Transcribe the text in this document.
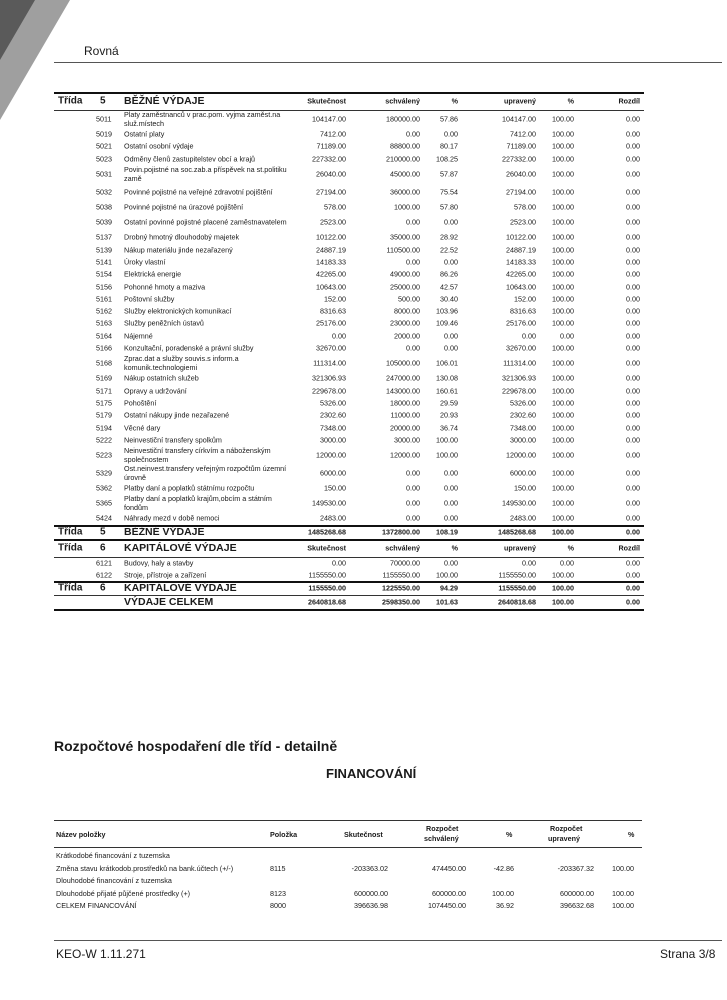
Rovná
Třída 5 BĚŽNÉ VÝDAJE	Skutečnost	schválený	%	upravený	%	Rozdíl
5011 Platy zaměstnanců v prac.pom. vyjma zaměst.na služ.místech	104147.00	180000.00	57.86	104147.00 100.00	0.00
5019 Ostatní platy	7412.00	0.00	0.00	7412.00 100.00	0.00
5021 Ostatní osobní výdaje	71189.00	88800.00	80.17	71189.00 100.00	0.00
5023 Odměny členů zastupitelstev obcí a krajů	227332.00	210000.00 108.25	227332.00 100.00	0.00
5031 Povin.pojistné na soc.zab.a příspěvek na st.politiku zamě	26040.00	45000.00	57.87	26040.00 100.00	0.00
5032 Povinné pojistné na veřejné zdravotní pojištění	27194.00	36000.00	75.54	27194.00 100.00	0.00
5038 Povinné pojistné na úrazové pojištění	578.00	1000.00	57.80	578.00 100.00	0.00
5039 Ostatní povinné pojistné placené zaměstnavatelem	2523.00	0.00	0.00	2523.00 100.00	0.00
5137 Drobný hmotný dlouhodobý majetek	10122.00	35000.00	28.92	10122.00 100.00	0.00
5139 Nákup materiálu jinde nezařazený	24887.19	110500.00	22.52	24887.19 100.00	0.00
5141 Úroky vlastní	14183.33	0.00	0.00	14183.33 100.00	0.00
5154 Elektrická energie	42265.00	49000.00	86.26	42265.00 100.00	0.00
5156 Pohonné hmoty a maziva	10643.00	25000.00	42.57	10643.00 100.00	0.00
5161 Poštovní služby	152.00	500.00	30.40	152.00 100.00	0.00
5162 Služby elektronických komunikací	8316.63	8000.00 103.96	8316.63 100.00	0.00
5163 Služby peněžních ústavů	25176.00	23000.00 109.46	25176.00 100.00	0.00
5164 Nájemné	0.00	2000.00	0.00	0.00	0.00	0.00
5166 Konzultační, poradenské a právní služby	32670.00	0.00	0.00	32670.00 100.00	0.00
5168 Zprac.dat a služby souvis.s inform.a komunik.technologiemi	111314.00	105000.00 106.01	111314.00 100.00	0.00
5169 Nákup ostatních služeb	321306.93	247000.00 130.08	321306.93 100.00	0.00
5171 Opravy a udržování	229678.00	143000.00 160.61	229678.00 100.00	0.00
5175 Pohoštění	5326.00	18000.00	29.59	5326.00 100.00	0.00
5179 Ostatní nákupy jinde nezařazené	2302.60	11000.00	20.93	2302.60 100.00	0.00
5194 Věcné dary	7348.00	20000.00	36.74	7348.00 100.00	0.00
5222 Neinvestiční transfery spolkům	3000.00	3000.00 100.00	3000.00 100.00	0.00
5223 Neinvestiční transfery církvím a náboženským společnostem	12000.00	12000.00 100.00	12000.00 100.00	0.00
5329 Ost.neinvest.transfery veřejným rozpočtům územní úrovně	6000.00	0.00	0.00	6000.00 100.00	0.00
5362 Platby daní a poplatků státnímu rozpočtu	150.00	0.00	0.00	150.00 100.00	0.00
5365 Platby daní a poplatků krajům,obcím a státním fondům	149530.00	0.00	0.00	149530.00 100.00	0.00
5424 Náhrady mezd v době nemoci	2483.00	0.00	0.00	2483.00 100.00	0.00
Třída 5 BĚŽNÉ VÝDAJE	1485268.68	1372800.00 108.19	1485268.68 100.00	0.00
Třída 6 KAPITÁLOVÉ VÝDAJE	Skutečnost	schválený	%	upravený	%	Rozdíl
6121 Budovy, haly a stavby	0.00	70000.00	0.00	0.00	0.00	0.00
6122 Stroje, přístroje a zařízení	1155550.00	1155550.00 100.00	1155550.00 100.00	0.00
Třída 6 KAPITÁLOVÉ VÝDAJE	1155550.00	1225550.00	94.29	1155550.00 100.00	0.00
VÝDAJE CELKEM	2640818.68	2598350.00 101.63	2640818.68 100.00	0.00
Rozpočtové hospodaření dle tříd - detailně
FINANCOVÁNÍ
KEO-W 1.11.271	Strana 3/8
Název položky	Položka	Skutečnost
Rozpočet
schválený	%
Rozpočet
upravený	%
Krátkodobé financování z tuzemska
Změna stavu krátkodob.prostředků na bank.účtech (+/-)	8115	-203363.02	474450.00	-42.86	-203367.32	100.00
Dlouhodobé financování z tuzemska
Dlouhodobé přijaté půjčené prostředky (+)	8123	600000.00	600000.00	100.00	600000.00	100.00
CELKEM FINANCOVÁNÍ	8000	396636.98	1074450.00	36.92	396632.68	100.00
